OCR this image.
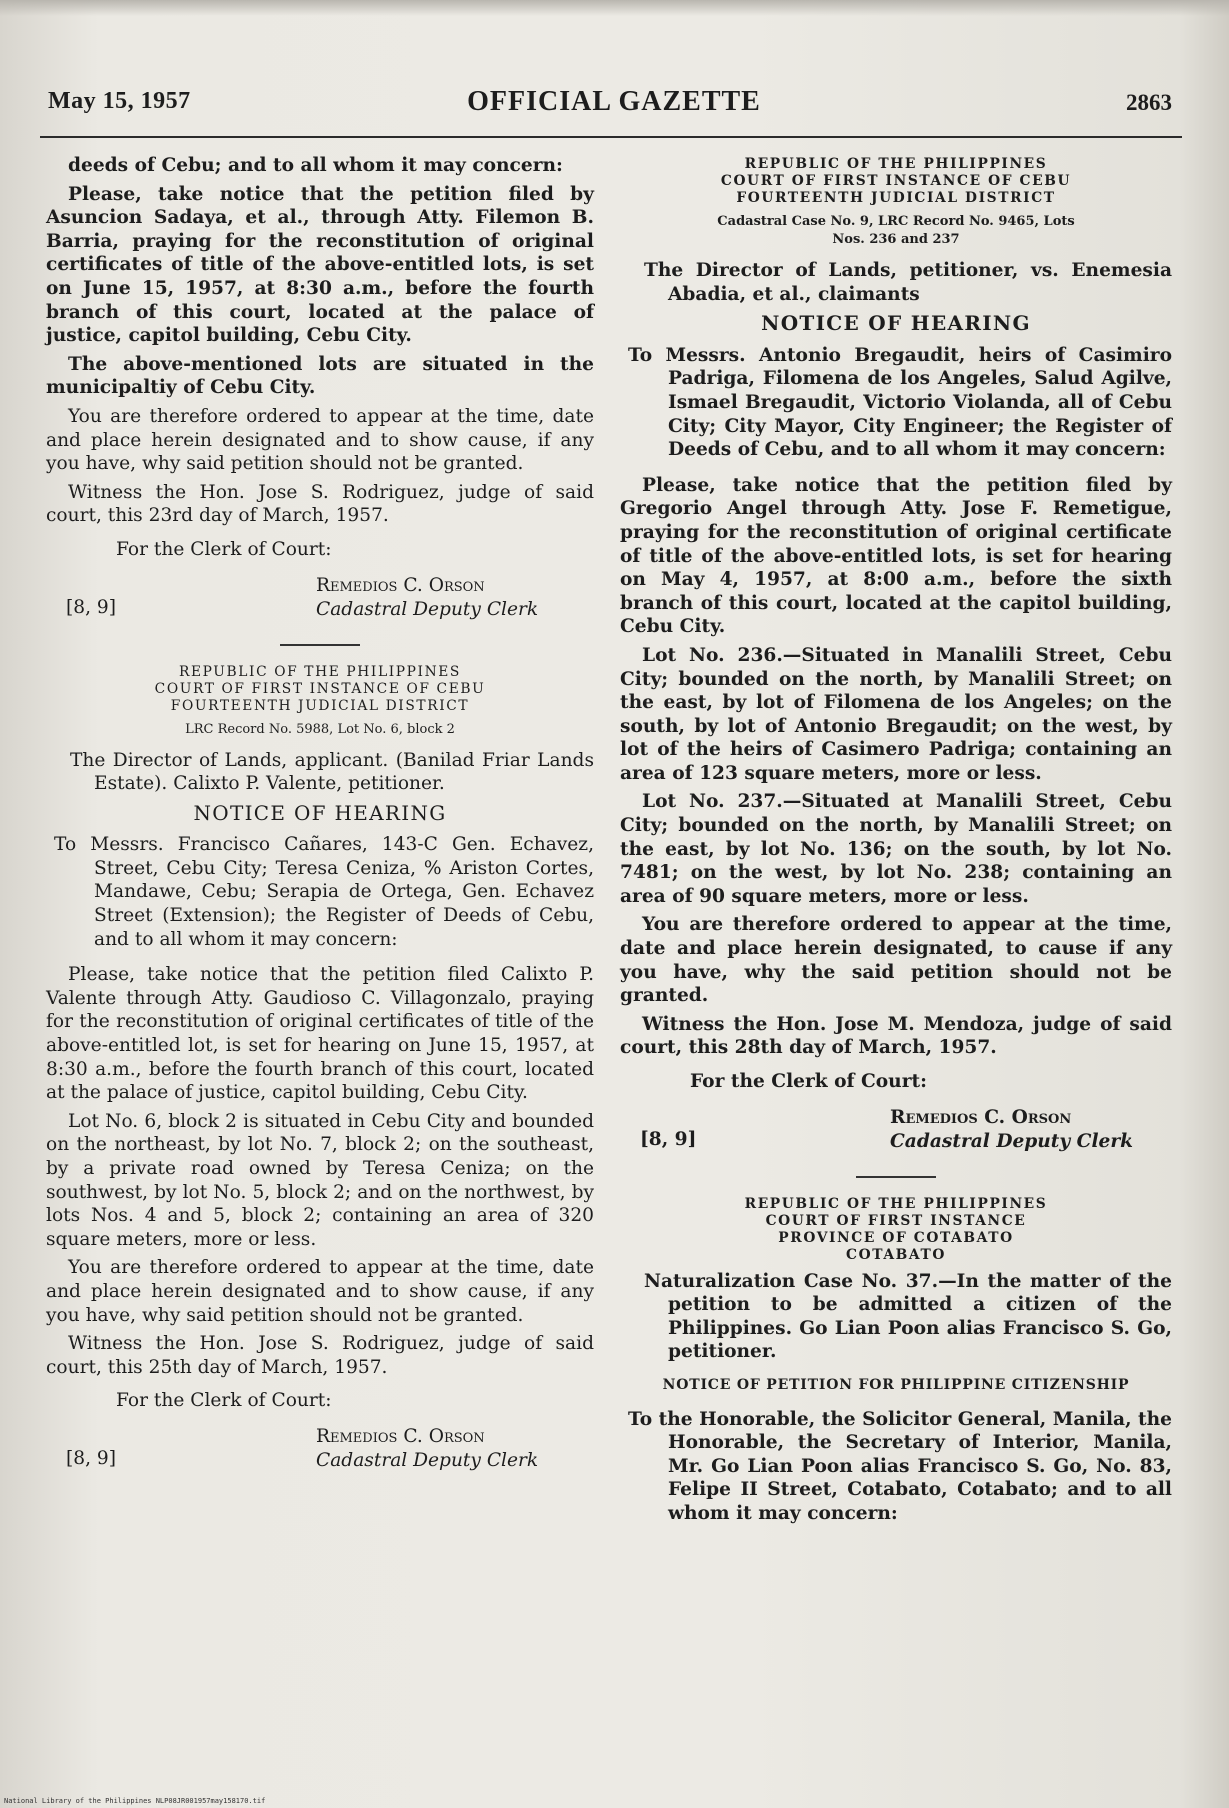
May 15, 1957	OFFICIAL GAZETTE	2863

deeds of Cebu; and to all whom it may concern:

Please, take notice that the petition filed by Asuncion Sadaya, et al., through Atty. Filemon B. Barria, praying for the reconstitution of original certificates of title of the above-entitled lots, is set on June 15, 1957, at 8:30 a.m., before the fourth branch of this court, located at the palace of justice, capitol building, Cebu City.

The above-mentioned lots are situated in the municipaltiy of Cebu City.

You are therefore ordered to appear at the time, date and place herein designated and to show cause, if any you have, why said petition should not be granted.

Witness the Hon. Jose S. Rodriguez, judge of said court, this 23rd day of March, 1957.

For the Clerk of Court:
[8, 9]
Remedios C. Orson
Cadastral Deputy Clerk
REPUBLIC OF THE PHILIPPINES
COURT OF FIRST INSTANCE OF CEBU
FOURTEENTH JUDICIAL DISTRICT
LRC Record No. 5988, Lot No. 6, block 2
The Director of Lands, applicant. (Banilad Friar Lands Estate). Calixto P. Valente, petitioner.
NOTICE OF HEARING
To Messrs. Francisco Cañares, 143-C Gen. Echavez, Street, Cebu City; Teresa Ceniza, % Ariston Cortes, Mandawe, Cebu; Serapia de Ortega, Gen. Echavez Street (Extension); the Register of Deeds of Cebu, and to all whom it may concern:

Please, take notice that the petition filed Calixto P. Valente through Atty. Gaudioso C. Villagonzalo, praying for the reconstitution of original certificates of title of the above-entitled lot, is set for hearing on June 15, 1957, at 8:30 a.m., before the fourth branch of this court, located at the palace of justice, capitol building, Cebu City.

Lot No. 6, block 2 is situated in Cebu City and bounded on the northeast, by lot No. 7, block 2; on the southeast, by a private road owned by Teresa Ceniza; on the southwest, by lot No. 5, block 2; and on the northwest, by lots Nos. 4 and 5, block 2; containing an area of 320 square meters, more or less.

You are therefore ordered to appear at the time, date and place herein designated and to show cause, if any you have, why said petition should not be granted.

Witness the Hon. Jose S. Rodriguez, judge of said court, this 25th day of March, 1957.

For the Clerk of Court:
[8, 9]
Remedios C. Orson
Cadastral Deputy Clerk
REPUBLIC OF THE PHILIPPINES
COURT OF FIRST INSTANCE OF CEBU
FOURTEENTH JUDICIAL DISTRICT
Cadastral Case No. 9, LRC Record No. 9465, Lots Nos. 236 and 237
The Director of Lands, petitioner, vs. Enemesia Abadia, et al., claimants
NOTICE OF HEARING
To Messrs. Antonio Bregaudit, heirs of Casimiro Padriga, Filomena de los Angeles, Salud Agilve, Ismael Bregaudit, Victorio Violanda, all of Cebu City; City Mayor, City Engineer; the Register of Deeds of Cebu, and to all whom it may concern:

Please, take notice that the petition filed by Gregorio Angel through Atty. Jose F. Remetigue, praying for the reconstitution of original certificate of title of the above-entitled lots, is set for hearing on May 4, 1957, at 8:00 a.m., before the sixth branch of this court, located at the capitol building, Cebu City.

Lot No. 236.—Situated in Manalili Street, Cebu City; bounded on the north, by Manalili Street; on the east, by lot of Filomena de los Angeles; on the south, by lot of Antonio Bregaudit; on the west, by lot of the heirs of Casimero Padriga; containing an area of 123 square meters, more or less.

Lot No. 237.—Situated at Manalili Street, Cebu City; bounded on the north, by Manalili Street; on the east, by lot No. 136; on the south, by lot No. 7481; on the west, by lot No. 238; containing an area of 90 square meters, more or less.

You are therefore ordered to appear at the time, date and place herein designated, to cause if any you have, why the said petition should not be granted.

Witness the Hon. Jose M. Mendoza, judge of said court, this 28th day of March, 1957.

For the Clerk of Court:
[8, 9]
Remedios C. Orson
Cadastral Deputy Clerk
REPUBLIC OF THE PHILIPPINES
COURT OF FIRST INSTANCE
PROVINCE OF COTABATO
COTABATO
Naturalization Case No. 37.—In the matter of the petition to be admitted a citizen of the Philippines. Go Lian Poon alias Francisco S. Go, petitioner.
NOTICE OF PETITION FOR PHILIPPINE CITIZENSHIP
To the Honorable, the Solicitor General, Manila, the Honorable, the Secretary of Interior, Manila, Mr. Go Lian Poon alias Francisco S. Go, No. 83, Felipe II Street, Cotabato, Cotabato; and to all whom it may concern:
National Library of the Philippines NLP08JR001957may158170.tif
